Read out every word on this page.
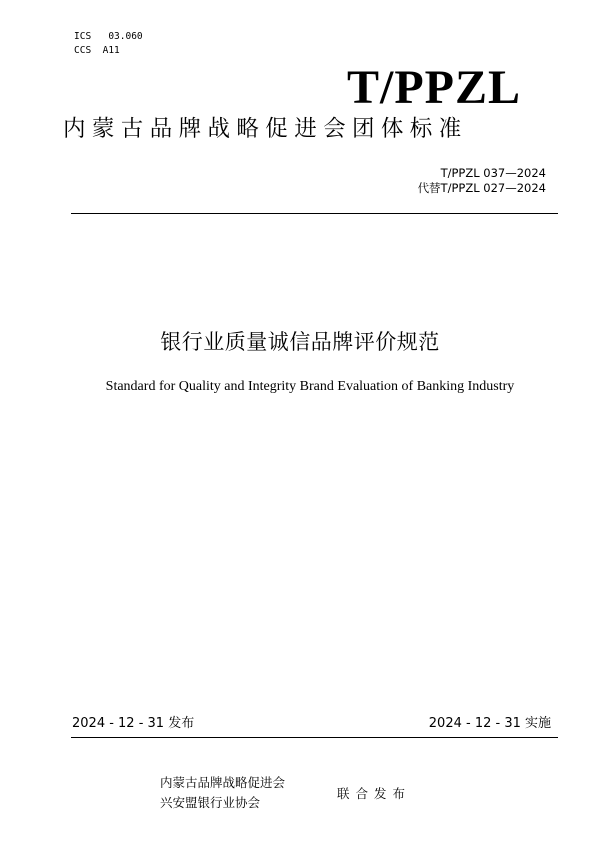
ICS   03.060
CCS  A11
T/PPZL
内蒙古品牌战略促进会团体标准
T/PPZL 037—2024
代替T/PPZL 027—2024
银行业质量诚信品牌评价规范
Standard for Quality and Integrity Brand Evaluation of Banking Industry
2024 - 12 - 31 发布	2024 - 12 - 31 实施
内蒙古品牌战略促进会
兴安盟银行业协会
联合发布
